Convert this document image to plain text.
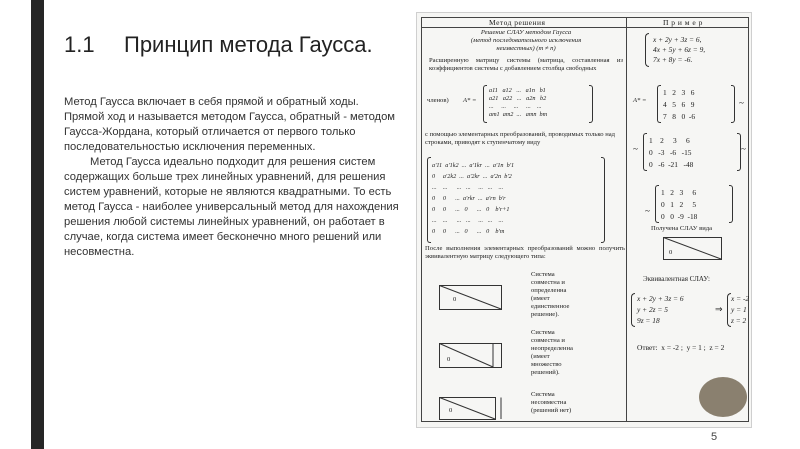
1.1 Принцип метода Гаусса.

Метод Гаусса включает в себя прямой и обратный ходы. Прямой ход и называется методом Гаусса, обратный - методом Гаусса-Жордана, который отличается от первого только последовательностью исключения переменных.

Метод Гаусса идеально подходит для решения систем содержащих больше трех линейных уравнений, для решения систем уравнений, которые не являются квадратными. То есть метод Гаусса - наиболее универсальный метод для нахождения решения любой системы линейных уравнений, он работает в случае, когда система имеет бесконечно много решений или несовместна.

Метод решения	П р и м е р
Решение СЛАУ методом Гаусса
(метод последовательного исключения
неизвестных) (m ≠ n)
Расширенную матрицу системы (матрица, составленная из коэффициентов системы с добавлением столбца свободных
членов) A* =
a11   a12   ...   a1n   b1
a21   a22   ...   a2n   b2
...     ...     ...     ...    ...
am1  am2  ...   amn  bm
с помощью элементарных преобразований, проводимых только над строками, приводят к ступенчатому виду
a'11  a'1k2  ...  a'1kr  ...  a'1n  b'1
0     a'2k2  ...  a'2kr  ...  a'2n  b'2
...    ...      ...   ...     ...   ...    ...
0     0      ...  a'rkr  ...  a'rn  b'r
0     0      ...   0      ...   0    b'r+1
...    ...      ...   ...     ...   ...    ...
0     0      ...   0      ...   0    b'm
После выполнения элементарных преобразований можно получить эквивалентную матрицу следующего типа:
0
Система
совместна и
определенна
(имеет
единственное
решение).
0
Система
совместна и
неопределенна
(имеет
множество
решений).
0
Система
несовместна
(решений нет)
x + 2y + 3z = 6,
4x + 5y + 6z = 9,
7x + 8y = -6.
A* =
1   2   3   6
4   5   6   9
7   8   0  -6
~
~
1    2     3     6
0   -3   -6   -15
0   -6  -21   -48
~
~
1   2   3     6
0   1   2     5
0   0  -9  -18
Получена СЛАУ вида
0
Эквивалентная СЛАУ:
x + 2y + 3z = 6
y + 2z = 5
9z = 18
⇒
x = -2
y = 1
z = 2
Ответ:  x = -2 ;  y = 1 ;  z = 2
5
